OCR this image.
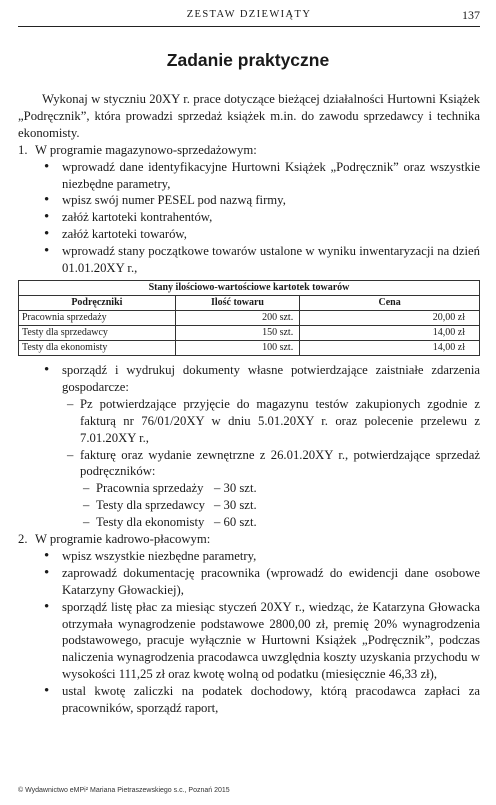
ZESTAW DZIEWIĄTY	137
Zadanie praktyczne

Wykonaj w styczniu 20XY r. prace dotyczące bieżącej działalności Hurtowni Książek „Podręcznik”, która prowadzi sprzedaż książek m.in. do zawodu sprzedawcy i technika ekonomisty.

1. W programie magazynowo-sprzedażowym:

• wprowadź dane identyfikacyjne Hurtowni Książek „Podręcznik” oraz wszystkie niezbędne parametry,
• wpisz swój numer PESEL pod nazwą firmy,
• załóż kartoteki kontrahentów,
• załóż kartoteki towarów,
• wprowadź stany początkowe towarów ustalone w wyniku inwentaryzacji na dzień 01.01.20XY r.,
Stany ilościowo-wartościowe kartotek towarów		
Podręczniki	Ilość towaru	Cena
Pracownia sprzedaży	200 szt.	20,00 zł
Testy dla sprzedawcy	150 szt.	14,00 zł
Testy dla ekonomisty	100 szt.	14,00 zł
• sporządź i wydrukuj dokumenty własne potwierdzające zaistniałe zdarzenia gospodarcze:
– Pz potwierdzające przyjęcie do magazynu testów zakupionych zgodnie z fakturą nr 76/01/20XY w dniu 5.01.20XY r. oraz polecenie przelewu z 7.01.20XY r.,
– fakturę oraz wydanie zewnętrzne z 26.01.20XY r., potwierdzające sprzedaż podręczników:
– Pracownia sprzedaży – 30 szt.
– Testy dla sprzedawcy – 30 szt.
– Testy dla ekonomisty – 60 szt.

2. W programie kadrowo-płacowym:

• wpisz wszystkie niezbędne parametry,
• zaprowadź dokumentację pracownika (wprowadź do ewidencji dane osobowe Katarzyny Głowackiej),
• sporządź listę płac za miesiąc styczeń 20XY r., wiedząc, że Katarzyna Głowacka otrzymała wynagrodzenie podstawowe 2800,00 zł, premię 20% wynagrodzenia podstawowego, pracuje wyłącznie w Hurtowni Książek „Podręcznik”, podczas naliczenia wynagrodzenia pracodawca uwzględnia koszty uzyskania przychodu w wysokości 111,25 zł oraz kwotę wolną od podatku (miesięcznie 46,33 zł),
• ustal kwotę zaliczki na podatek dochodowy, którą pracodawca zapłaci za pracowników, sporządź raport,
© Wydawnictwo eMPi² Mariana Pietraszewskiego s.c., Poznań 2015
